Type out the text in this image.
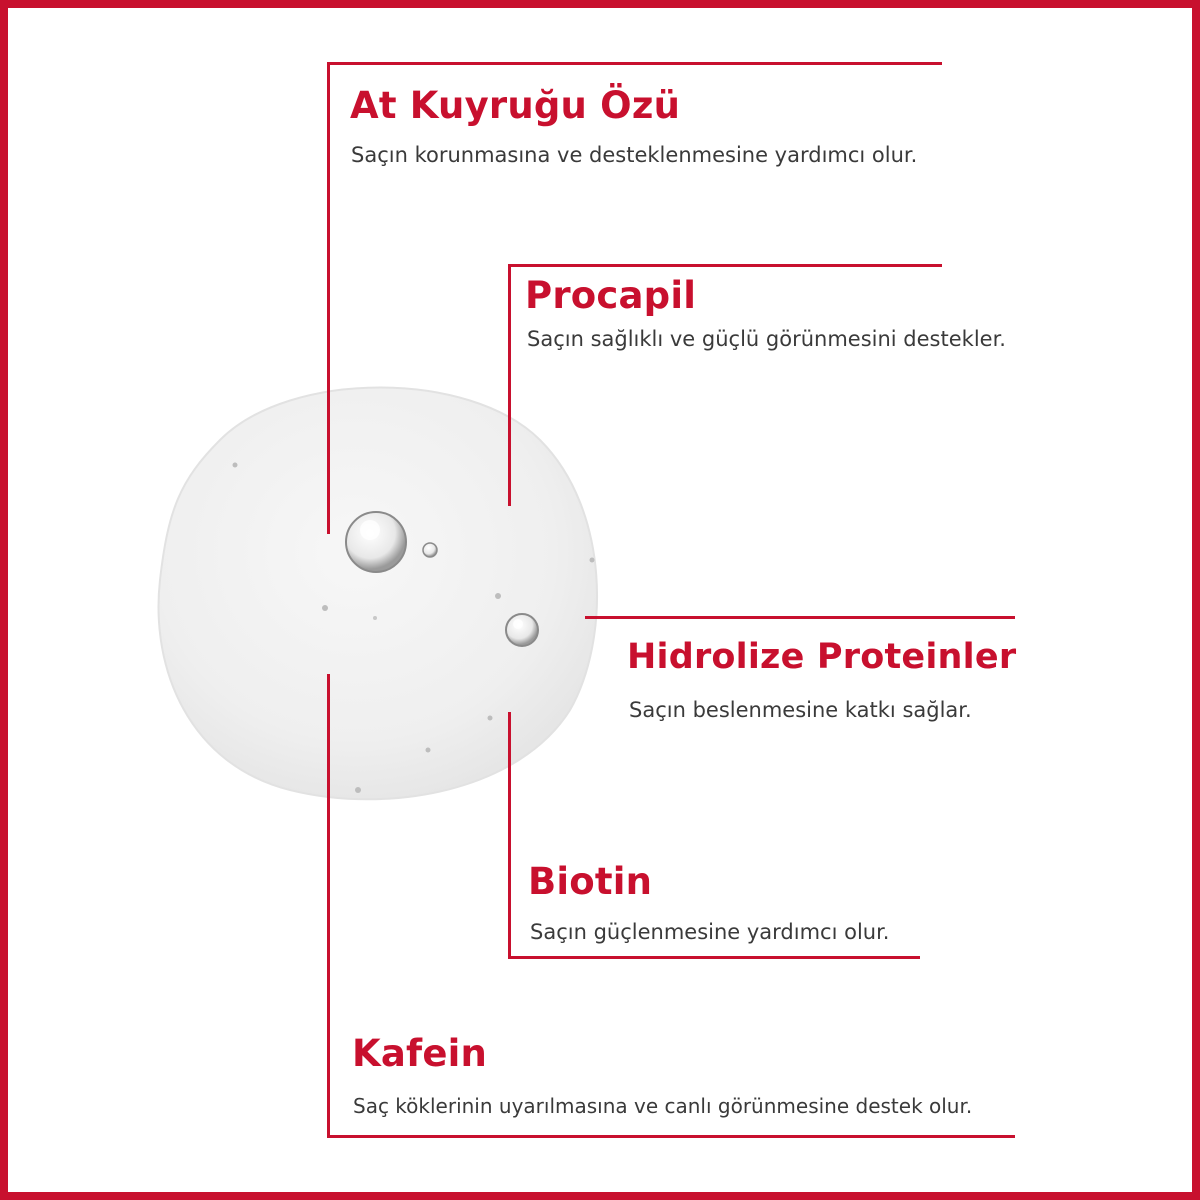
At Kuyruğu Özü
Saçın korunmasına ve desteklenmesine yardımcı olur.
Procapil
Saçın sağlıklı ve güçlü görünmesini destekler.
Hidrolize Proteinler
Saçın beslenmesine katkı sağlar.
Biotin
Saçın güçlenmesine yardımcı olur.
Kafein
Saç köklerinin uyarılmasına ve canlı görünmesine destek olur.
